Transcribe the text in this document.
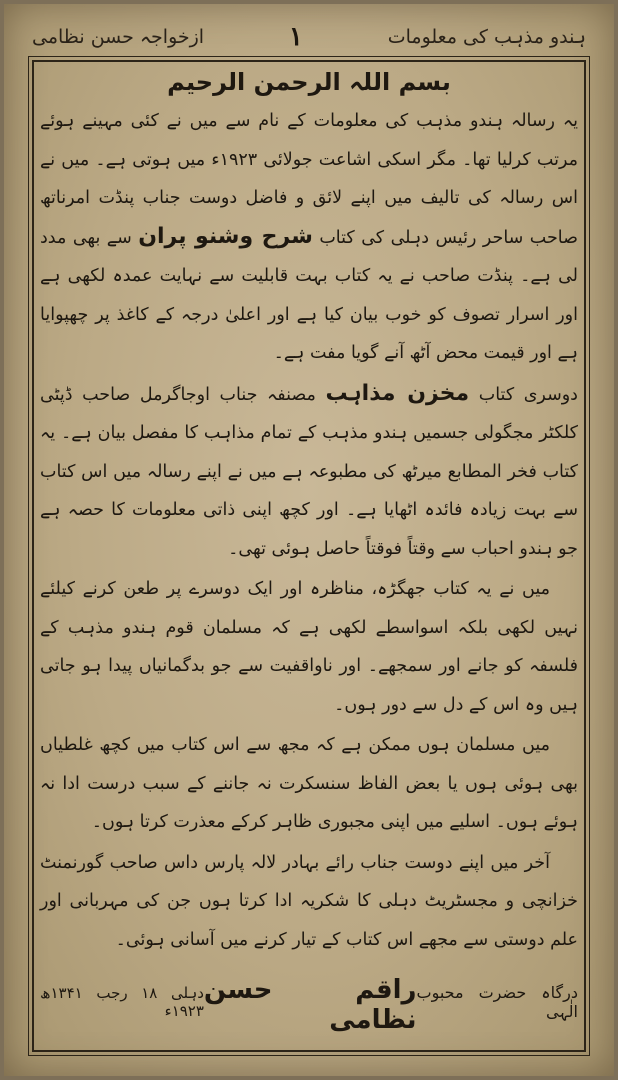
ازخواجہ حسن نظامی	۱	ہندو مذہب کی معلومات
بسم اللہ الرحمن الرحیم

یہ رسالہ ہندو مذہب کی معلومات کے نام سے میں نے کئی مہینے ہوئے مرتب کرلیا تھا۔ مگر اسکی اشاعت جولائی ۱۹۲۳ء میں ہوتی ہے۔ میں نے اس رسالہ کی تالیف میں اپنے لائق و فاضل دوست جناب پنڈت امرناتھ صاحب ساحر رئیس دہلی کی کتاب شرح وشنو پران سے بھی مدد لی ہے۔ پنڈت صاحب نے یہ کتاب بہت قابلیت سے نہایت عمدہ لکھی ہے اور اسرار تصوف کو خوب بیان کیا ہے اور اعلیٰ درجہ کے کاغذ پر چھپوایا ہے اور قیمت محض آٹھ آنے گویا مفت ہے۔

دوسری کتاب مخزن مذاہب مصنفہ جناب اوجاگرمل صاحب ڈپٹی کلکٹر مجگولی جسمیں ہندو مذہب کے تمام مذاہب کا مفصل بیان ہے۔ یہ کتاب فخر المطابع میرٹھ کی مطبوعہ ہے میں نے اپنے رسالہ میں اس کتاب سے بہت زیادہ فائدہ اٹھایا ہے۔ اور کچھ اپنی ذاتی معلومات کا حصہ ہے جو ہندو احباب سے وقتاً فوقتاً حاصل ہوئی تھی۔

میں نے یہ کتاب جھگڑہ، مناظرہ اور ایک دوسرے پر طعن کرنے کیلئے نہیں لکھی بلکہ اسواسطے لکھی ہے کہ مسلمان قوم ہندو مذہب کے فلسفہ کو جانے اور سمجھے۔ اور ناواقفیت سے جو بدگمانیاں پیدا ہو جاتی ہیں وہ اس کے دل سے دور ہوں۔

میں مسلمان ہوں ممکن ہے کہ مجھ سے اس کتاب میں کچھ غلطیاں بھی ہوئی ہوں یا بعض الفاظ سنسکرت نہ جاننے کے سبب درست ادا نہ ہوئے ہوں۔ اسلیے میں اپنی مجبوری ظاہر کرکے معذرت کرتا ہوں۔

آخر میں اپنے دوست جناب رائے بہادر لالہ پارس داس صاحب گورنمنٹ خزانچی و مجسٹریٹ دہلی کا شکریہ ادا کرتا ہوں جن کی مہربانی اور علم دوستی سے مجھے اس کتاب کے تیار کرنے میں آسانی ہوئی۔

درگاہ حضرت محبوب الٰہی
راقم حسن نظامی
دہلی ۱۸ رجب ۱۳۴۱ھ ۱۹۲۳ء
